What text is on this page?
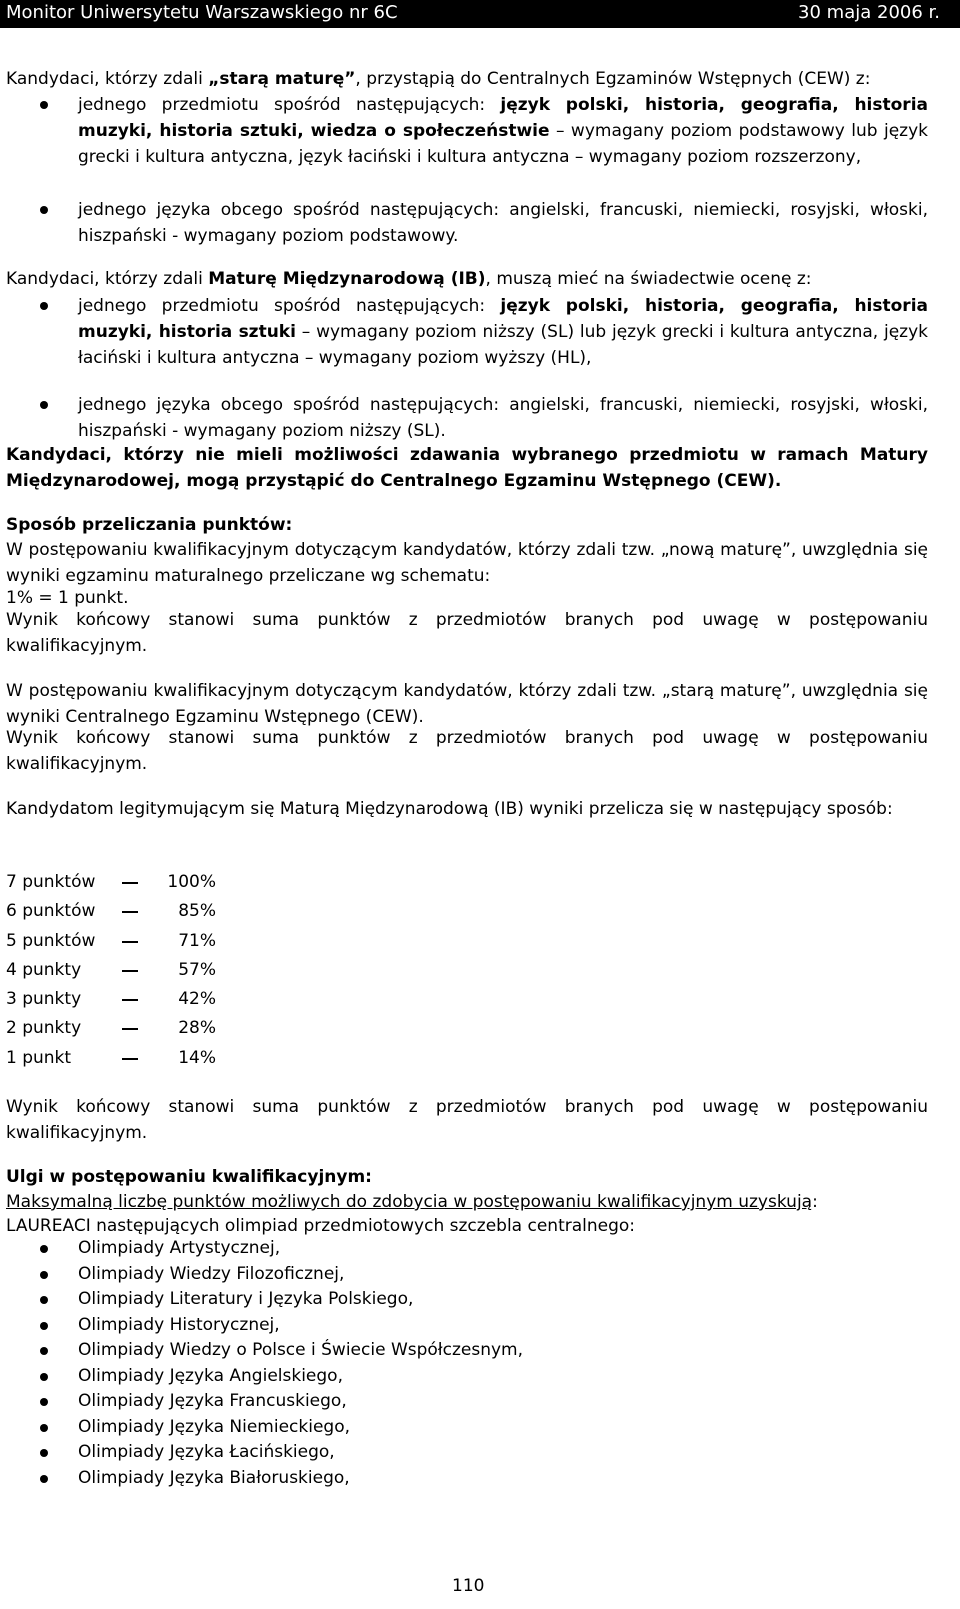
Monitor Uniwersytetu Warszawskiego nr 6C	30 maja 2006 r.
Kandydaci, którzy zdali „starą maturę”, przystąpią do Centralnych Egzaminów Wstępnych (CEW) z:
jednego przedmiotu spośród następujących: język polski, historia, geografia, historia muzyki, historia sztuki, wiedza o społeczeństwie – wymagany poziom podstawowy lub język grecki i kultura antyczna, język łaciński i kultura antyczna – wymagany poziom rozszerzony,
jednego języka obcego spośród następujących: angielski, francuski, niemiecki, rosyjski, włoski, hiszpański - wymagany poziom podstawowy.
Kandydaci, którzy zdali Maturę Międzynarodową (IB), muszą mieć na świadectwie ocenę z:
jednego przedmiotu spośród następujących: język polski, historia, geografia, historia muzyki, historia sztuki – wymagany poziom niższy (SL) lub język grecki i kultura antyczna, język łaciński i kultura antyczna – wymagany poziom wyższy (HL),
jednego języka obcego spośród następujących: angielski, francuski, niemiecki, rosyjski, włoski, hiszpański - wymagany poziom niższy (SL).
Kandydaci, którzy nie mieli możliwości zdawania wybranego przedmiotu w ramach Matury Międzynarodowej, mogą przystąpić do Centralnego Egzaminu Wstępnego (CEW).
Sposób przeliczania punktów:
W postępowaniu kwalifikacyjnym dotyczącym kandydatów, którzy zdali tzw. „nową maturę”, uwzględnia się wyniki egzaminu maturalnego przeliczane wg schematu:
1% = 1 punkt.
Wynik końcowy stanowi suma punktów z przedmiotów branych pod uwagę w postępowaniu kwalifikacyjnym.
W postępowaniu kwalifikacyjnym dotyczącym kandydatów, którzy zdali tzw. „starą maturę”, uwzględnia się wyniki Centralnego Egzaminu Wstępnego (CEW).
Wynik końcowy stanowi suma punktów z przedmiotów branych pod uwagę w postępowaniu kwalifikacyjnym.
Kandydatom legitymującym się Maturą Międzynarodową (IB) wyniki przelicza się w następujący sposób:
7 punktów	100%
6 punktów	85%
5 punktów	71%
4 punkty	57%
3 punkty	42%
2 punkty	28%
1 punkt	14%
Wynik końcowy stanowi suma punktów z przedmiotów branych pod uwagę w postępowaniu kwalifikacyjnym.
Ulgi w postępowaniu kwalifikacyjnym:
Maksymalną liczbę punktów możliwych do zdobycia w postępowaniu kwalifikacyjnym uzyskują:
LAUREACI następujących olimpiad przedmiotowych szczebla centralnego:
Olimpiady Artystycznej,
Olimpiady Wiedzy Filozoficznej,
Olimpiady Literatury i Języka Polskiego,
Olimpiady Historycznej,
Olimpiady Wiedzy o Polsce i Świecie Współczesnym,
Olimpiady Języka Angielskiego,
Olimpiady Języka Francuskiego,
Olimpiady Języka Niemieckiego,
Olimpiady Języka Łacińskiego,
Olimpiady Języka Białoruskiego,
110
